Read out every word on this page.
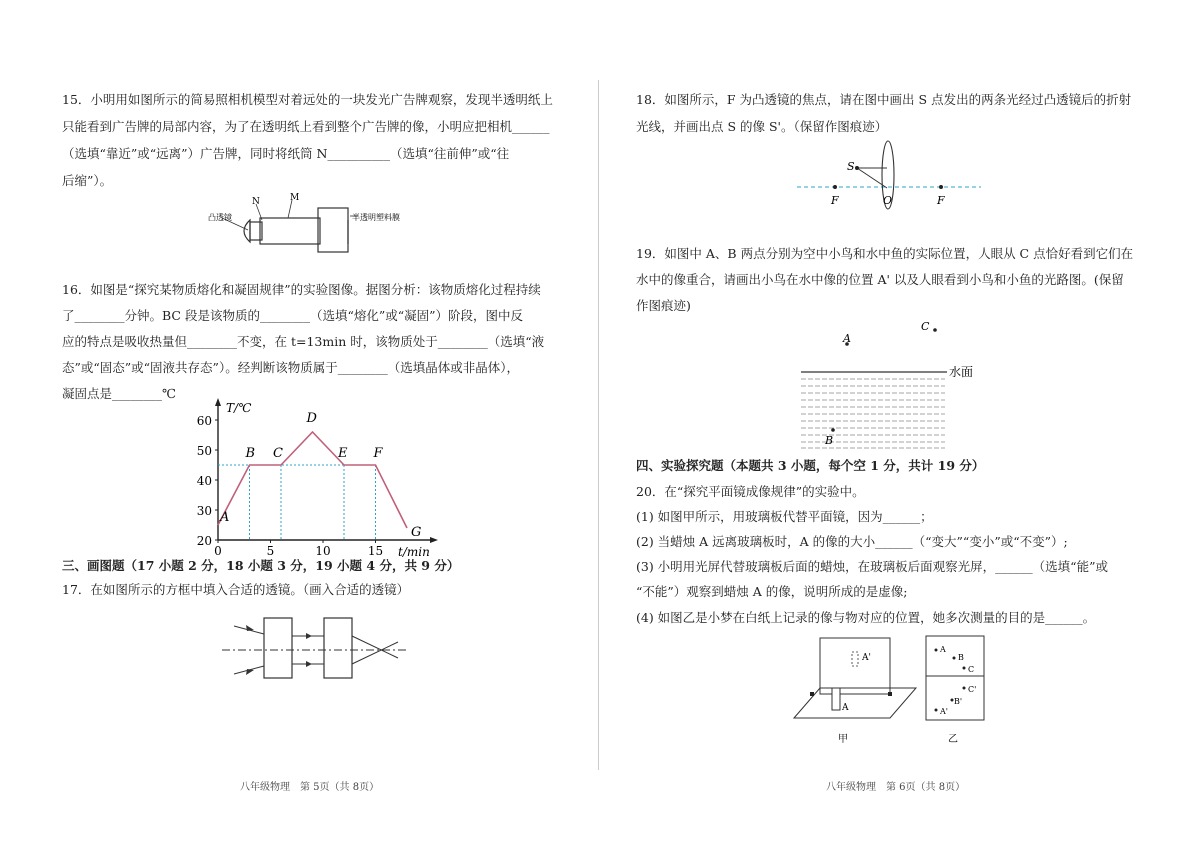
15．小明用如图所示的简易照相机模型对着远处的一块发光广告牌观察，发现半透明纸上
只能看到广告牌的局部内容，为了在透明纸上看到整个广告牌的像，小明应把相机______
（选填“靠近”或“远离”）广告牌，同时将纸筒 N__________（选填“往前伸”或“往
后缩”）。
凸透镜
N	M
半透明塑料膜
16．如图是“探究某物质熔化和凝固规律”的实验图像。据图分析：该物质熔化过程持续
了________分钟。BC 段是该物质的________（选填“熔化”或“凝固”）阶段，图中反
应的特点是吸收热量但________不变，在 t=13min 时，该物质处于________（选填“液
态”或“固态”或“固液共存态”）。经判断该物质属于________（选填晶体或非晶体），
凝固点是________℃
20
30
40
50
60
0	5	10	15
T/℃
t/min
A
B C
D
E F
G
三、画图题（17 小题 2 分，18 小题 3 分，19 小题 4 分，共 9 分）
17．在如图所示的方框中填入合适的透镜。（画入合适的透镜）
八年级物理　第 5页（共 8页）
18．如图所示，F 为凸透镜的焦点，请在图中画出 S 点发出的两条光经过凸透镜后的折射
光线，并画出点 S 的像 S'。（保留作图痕迹）
S
F	O	F
19．如图中 A、B 两点分别为空中小鸟和水中鱼的实际位置，人眼从 C 点恰好看到它们在
水中的像重合，请画出小鸟在水中像的位置 A' 以及人眼看到小鸟和小鱼的光路图。(保留
作图痕迹)
A
C
水面
B
四、实验探究题（本题共 3 小题，每个空 1 分，共计 19 分）
20．在“探究平面镜成像规律”的实验中。
(1) 如图甲所示，用玻璃板代替平面镜，因为______；
(2) 当蜡烛 A 远离玻璃板时，A 的像的大小______（“变大”“变小”或“不变”）;
(3) 小明用光屏代替玻璃板后面的蜡烛，在玻璃板后面观察光屏，______（选填“能”或
“不能”）观察到蜡烛 A 的像，说明所成的是虚像;
(4) 如图乙是小梦在白纸上记录的像与物对应的位置，她多次测量的目的是______。
A'
A
甲
A
B
C
C'
B'
A'
乙
八年级物理　第 6页（共 8页）
